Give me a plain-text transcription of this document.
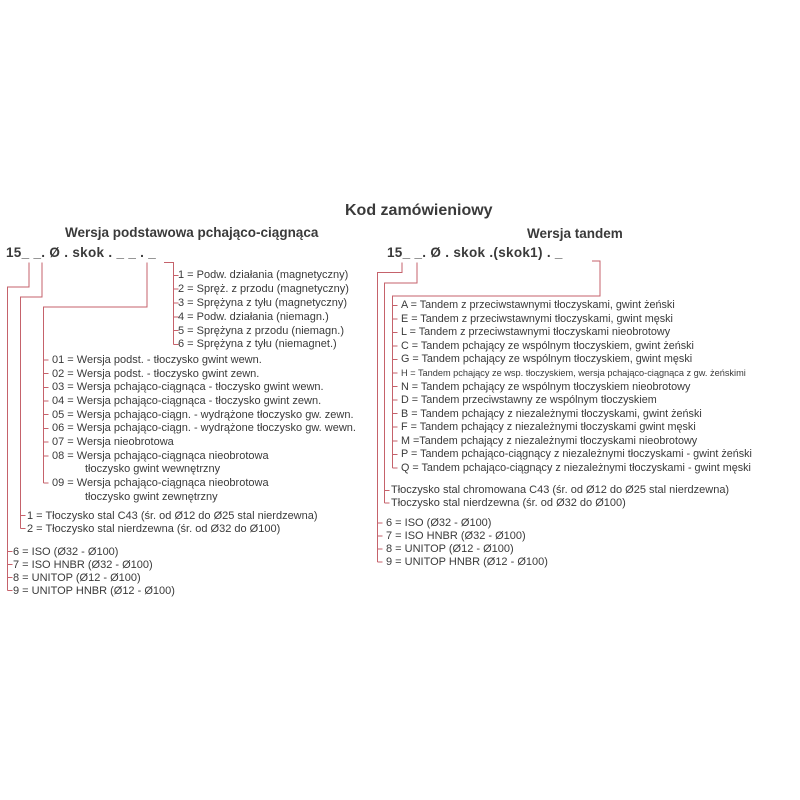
Kod zamówieniowy
Wersja podstawowa pchająco-ciągnąca	Wersja tandem
15_ _. Ø . skok . _ _ . _	15_ _. Ø . skok .(skok1) . _
1 = Podw. działania (magnetyczny)
2 = Spręż. z przodu (magnetyczny)
3 = Sprężyna z tyłu (magnetyczny)
4 = Podw. działania (niemagn.)
5 = Sprężyna z przodu (niemagn.)
6 = Sprężyna z tyłu (niemagnet.)
01 = Wersja podst. - tłoczysko gwint wewn.
02 = Wersja podst. - tłoczysko gwint zewn.
03 = Wersja pchająco-ciągnąca - tłoczysko gwint wewn.
04 = Wersja pchająco-ciągnąca - tłoczysko gwint zewn.
05 = Wersja pchająco-ciągn. - wydrążone tłoczysko gw. zewn.
06 = Wersja pchająco-ciągn. - wydrążone tłoczysko gw. wewn.
07 = Wersja nieobrotowa
08 = Wersja pchająco-ciągnąca nieobrotowa
tłoczysko gwint wewnętrzny
09 = Wersja pchająco-ciągnąca nieobrotowa
tłoczysko gwint zewnętrzny
1 = Tłoczysko stal C43 (śr. od Ø12 do Ø25 stal nierdzewna)
2 = Tłoczysko stal nierdzewna (śr. od Ø32 do Ø100)
6 = ISO (Ø32 - Ø100)
7 = ISO HNBR (Ø32 - Ø100)
8 = UNITOP (Ø12 - Ø100)
9 = UNITOP HNBR (Ø12 - Ø100)
A = Tandem z przeciwstawnymi tłoczyskami, gwint żeński
E = Tandem z przeciwstawnymi tłoczyskami, gwint męski
L = Tandem z przeciwstawnymi tłoczyskami nieobrotowy
C = Tandem pchający ze wspólnym tłoczyskiem, gwint żeński
G = Tandem pchający ze wspólnym tłoczyskiem, gwint męski
H = Tandem pchający ze wsp. tłoczyskiem, wersja pchająco-ciągnąca z gw. żeńskimi
N = Tandem pchający ze wspólnym tłoczyskiem nieobrotowy
D = Tandem przeciwstawny ze wspólnym tłoczyskiem
B = Tandem pchający z niezależnymi tłoczyskami, gwint żeński
F = Tandem pchający z niezależnymi tłoczyskami gwint męski
M =Tandem pchający z niezależnymi tłoczyskami nieobrotowy
P = Tandem pchająco-ciągnący z niezależnymi tłoczyskami - gwint żeński
Q = Tandem pchająco-ciągnący z niezależnymi tłoczyskami - gwint męski
Tłoczysko stal chromowana C43 (śr. od Ø12 do Ø25 stal nierdzewna)
Tłoczysko stal nierdzewna (śr. od Ø32 do Ø100)
6 = ISO (Ø32 - Ø100)
7 = ISO HNBR (Ø32 - Ø100)
8 = UNITOP (Ø12 - Ø100)
9 = UNITOP HNBR (Ø12 - Ø100)
